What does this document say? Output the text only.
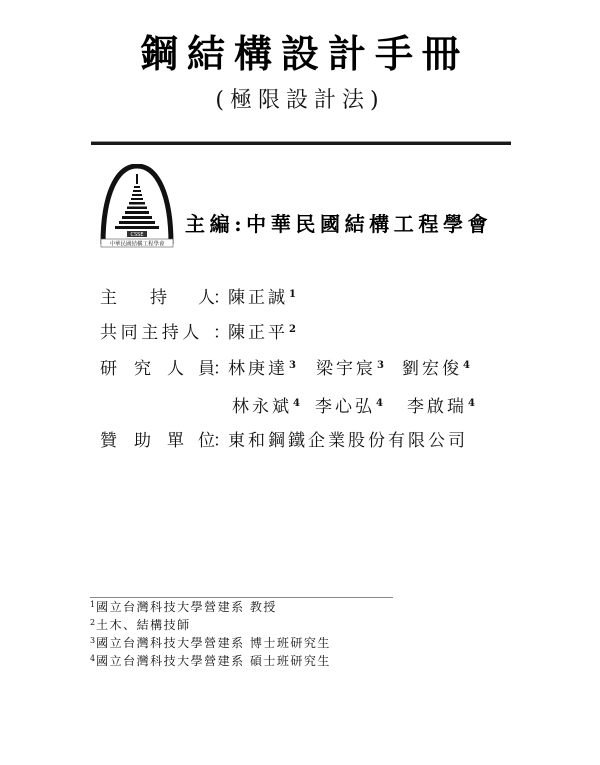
鋼結構設計手冊
(極限設計法)
CSSE
中華民國結構工程學會
主編:中華民國結構工程學會
主 持 人
：
陳正誠$^1$
共同主持人 ：
陳正平$^2$
研 究 人 員
：
林庚達$^3$ 梁宇宸$^3$ 劉宏俊$^4$
林永斌$^4$ 李心弘$^4$ 李啟瑞$^4$
贊 助 單 位
：
東和鋼鐵企業股份有限公司
$^1$國立台灣科技大學營建系 教授
$^2$土木、結構技師
$^3$國立台灣科技大學營建系 博士班研究生
$^4$國立台灣科技大學營建系 碩士班研究生
